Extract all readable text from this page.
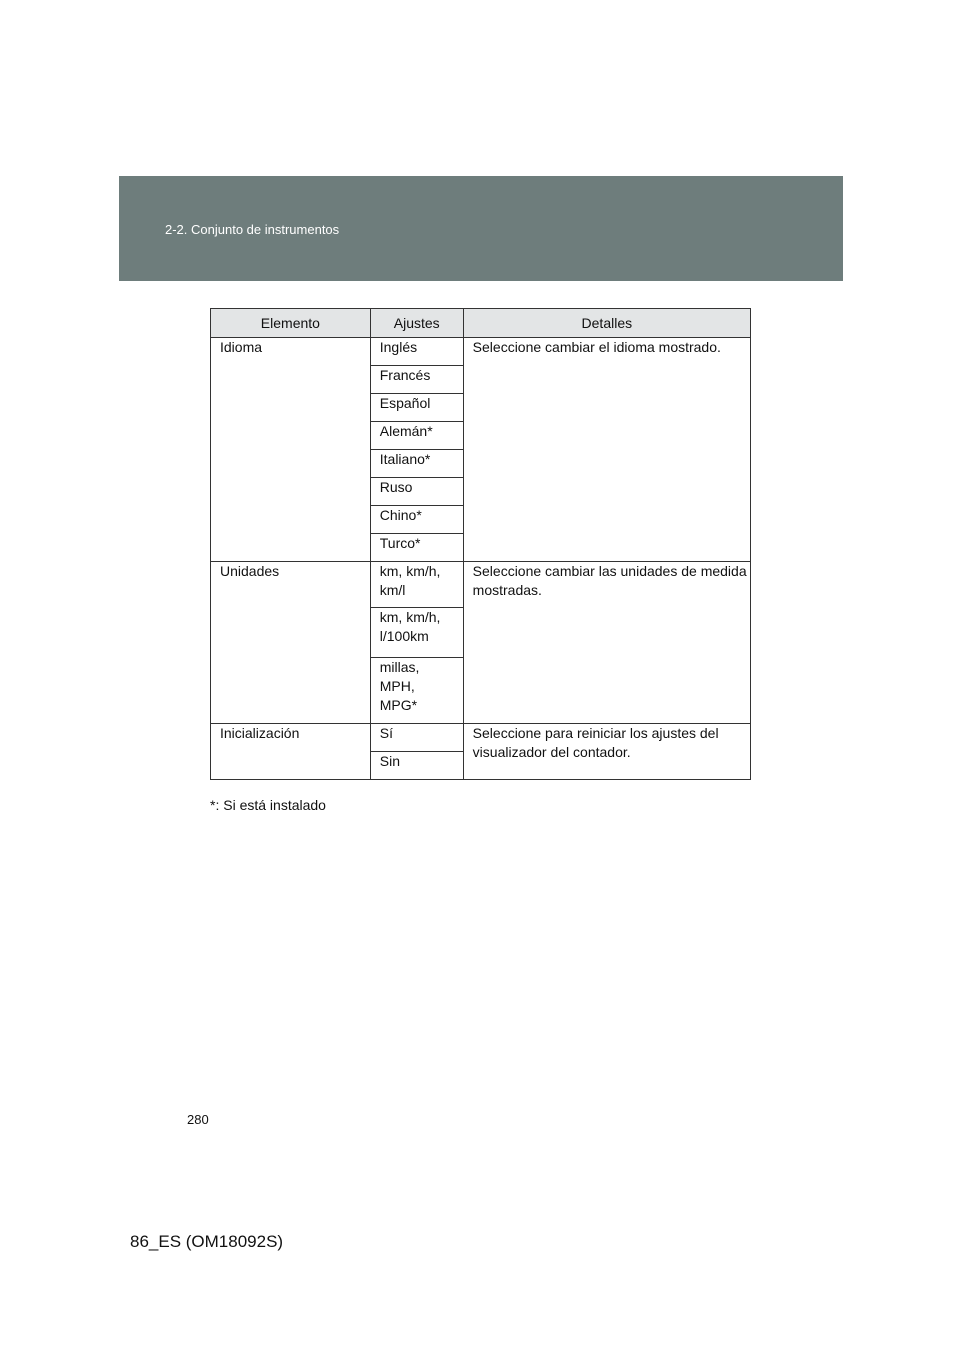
2-2. Conjunto de instrumentos
Elemento	Ajustes	Detalles
Idioma	Inglés	Seleccione cambiar el idioma mostrado.
	Francés	
	Español	
	Alemán*	
	Italiano*	
	Ruso	
	Chino*	
	Turco*	
Unidades	km, km/h, km/l	Seleccione cambiar las unidades de medida mostradas.
	km, km/h, l/100km	
	millas, MPH, MPG*	
Inicialización	Sí	Seleccione para reiniciar los ajustes del visualizador del contador.
	Sin	
*: Si está instalado
280
86_ES (OM18092S)
